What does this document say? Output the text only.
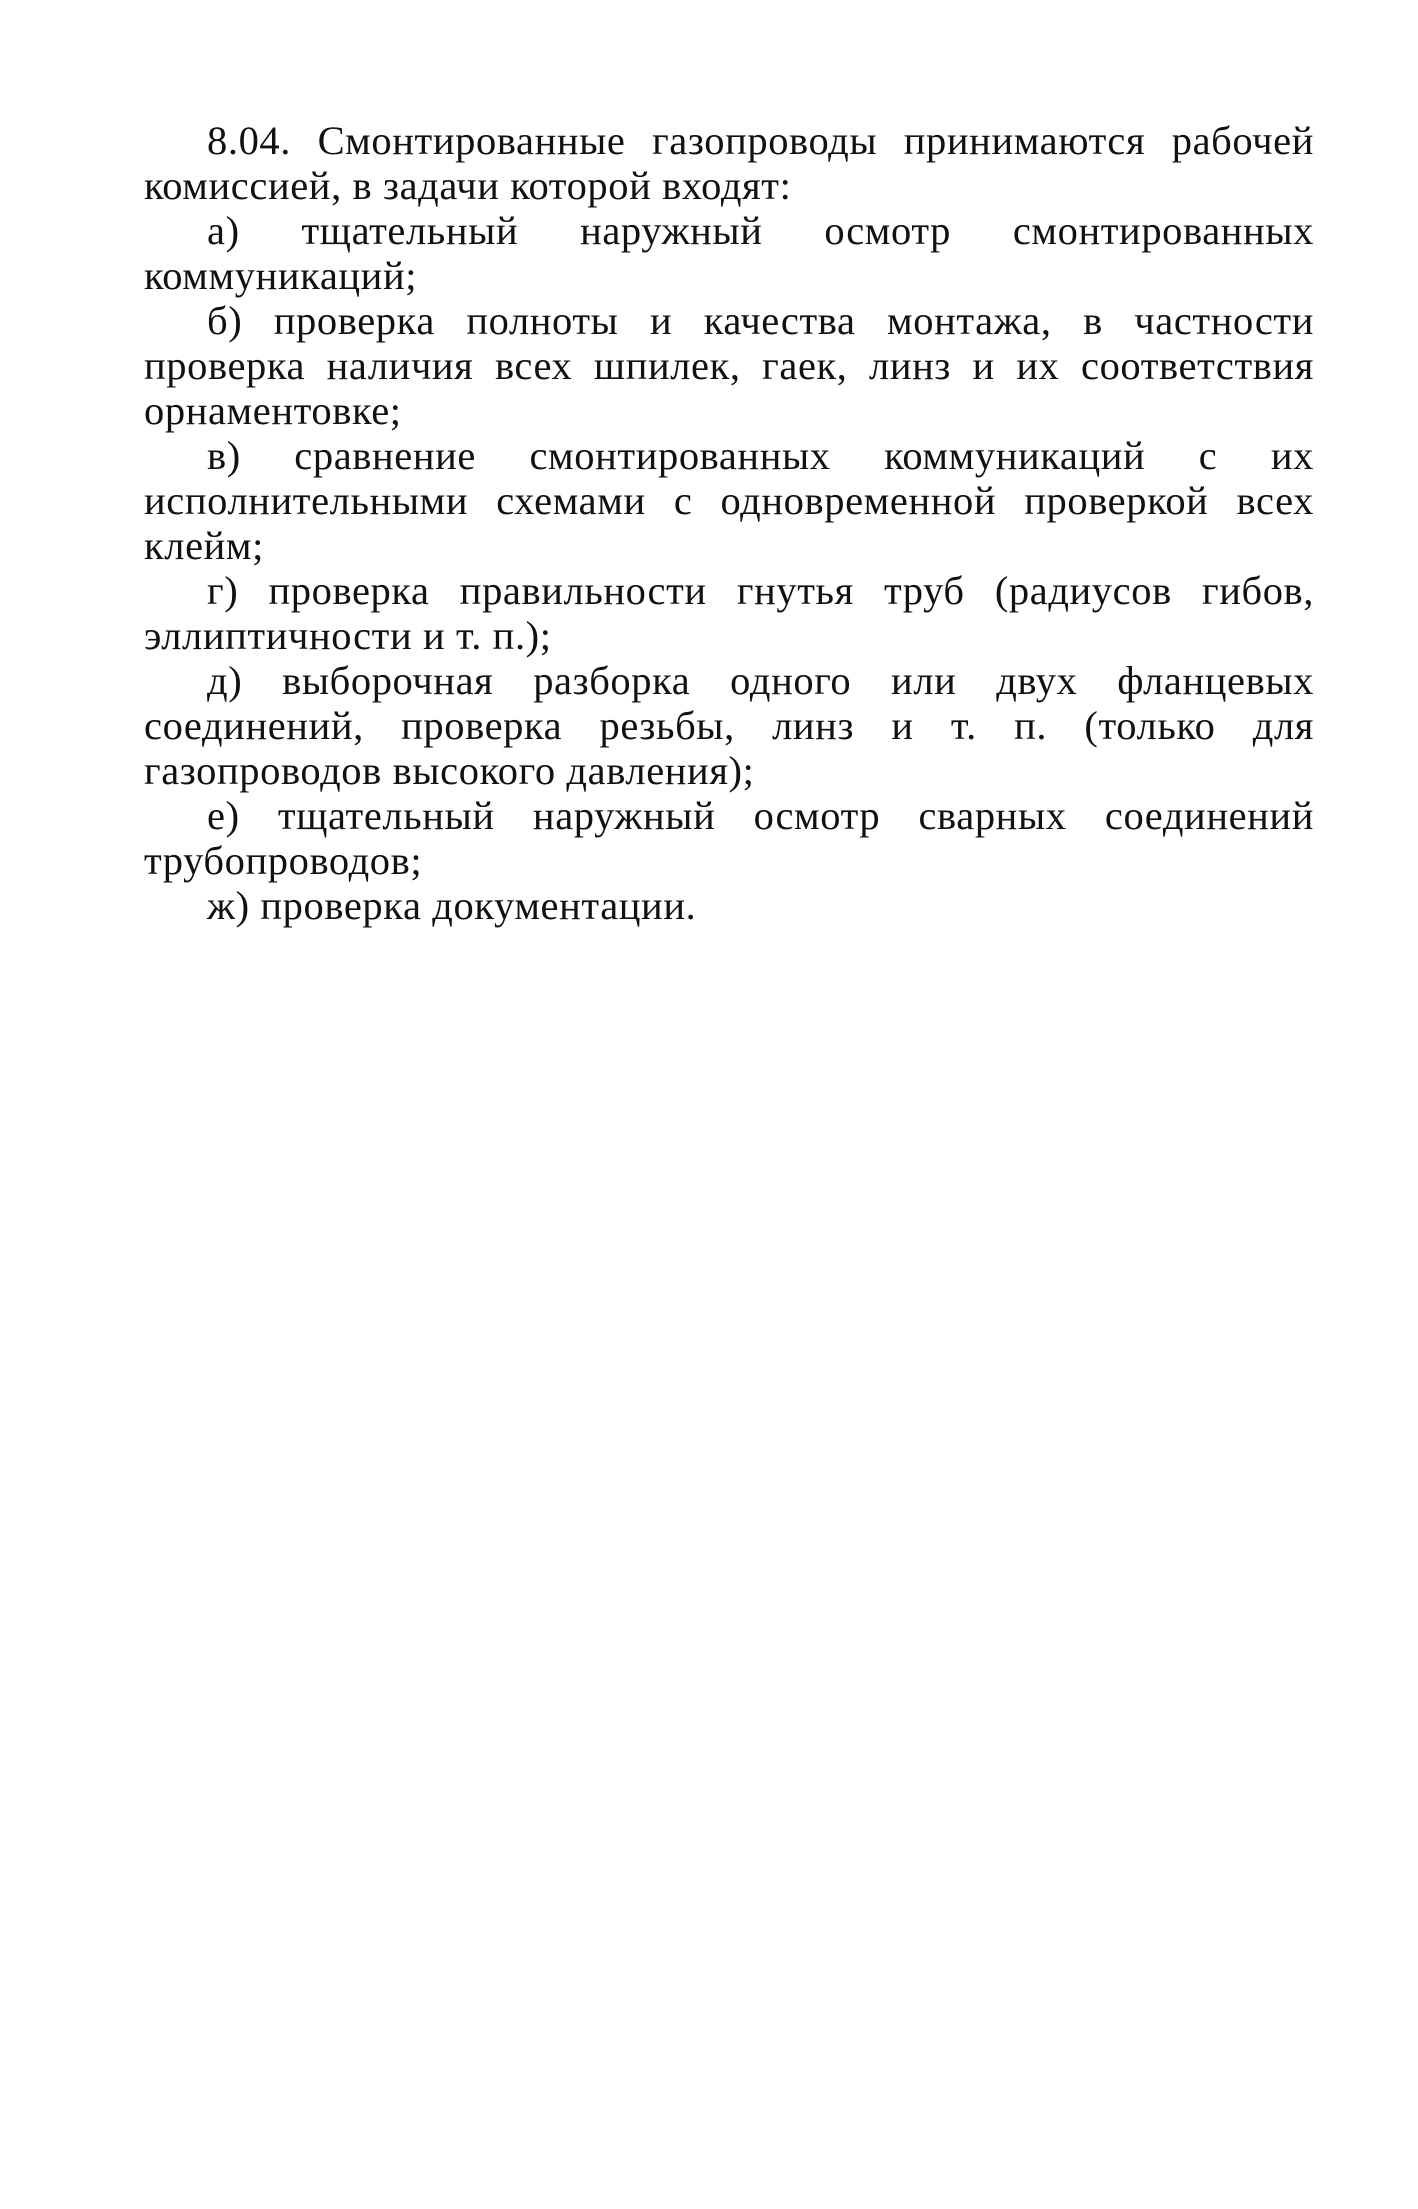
8.04. Смонтированные газопроводы принимаются рабочей комиссией, в задачи которой входят:

а) тщательный наружный осмотр смонтированных коммуникаций;

б) проверка полноты и качества монтажа, в частности проверка наличия всех шпилек, гаек, линз и их соответствия орнаментовке;

в) сравнение смонтированных коммуникаций с их исполнительными схемами с одновременной проверкой всех клейм;

г) проверка правильности гнутья труб (радиусов гибов, эллиптичности и т. п.);

д) выборочная разборка одного или двух фланцевых соединений, проверка резьбы, линз и т. п. (только для газопроводов высокого давления);

е) тщательный наружный осмотр сварных соединений трубопроводов;

ж) проверка документации.
